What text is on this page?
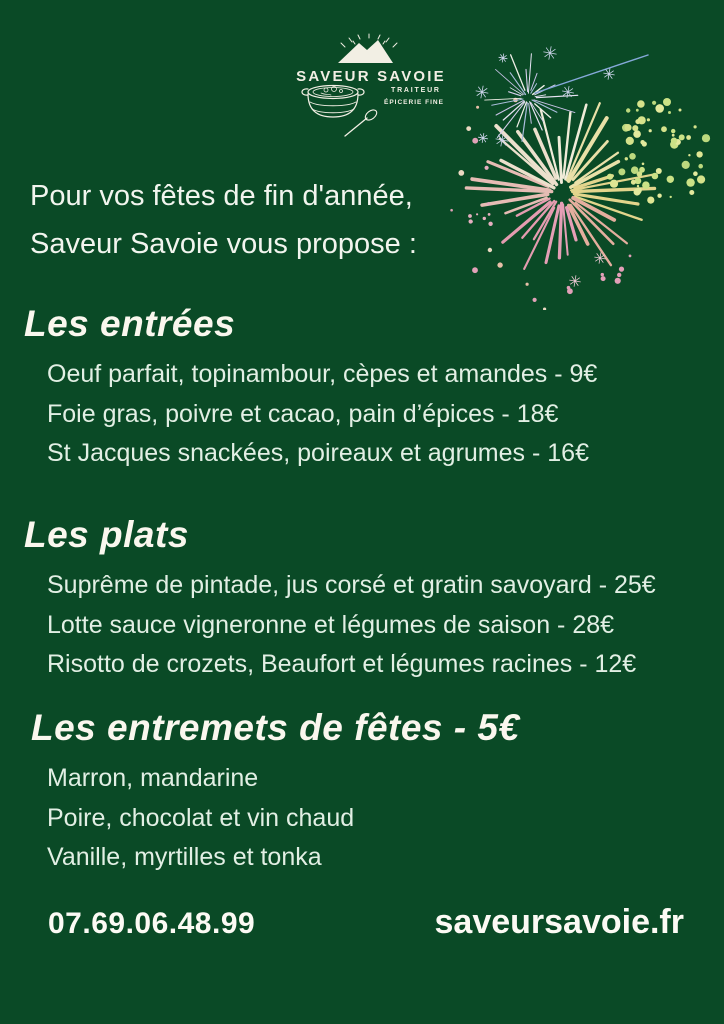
SAVEUR SAVOIE
TRAITEUR
ÉPICERIE FINE
Pour vos fêtes de fin d'année,
Saveur Savoie vous propose :
Les entrées
Oeuf parfait, topinambour, cèpes et amandes - 9€
Foie gras, poivre et cacao, pain d’épices - 18€
St Jacques snackées, poireaux et agrumes - 16€
Les plats
Suprême de pintade, jus corsé et gratin savoyard - 25€
Lotte sauce vigneronne et légumes de saison - 28€
Risotto de crozets, Beaufort et légumes racines - 12€
Les entremets de fêtes - 5€
Marron, mandarine
Poire, chocolat et vin chaud
Vanille, myrtilles et tonka
07.69.06.48.99	saveursavoie.fr
